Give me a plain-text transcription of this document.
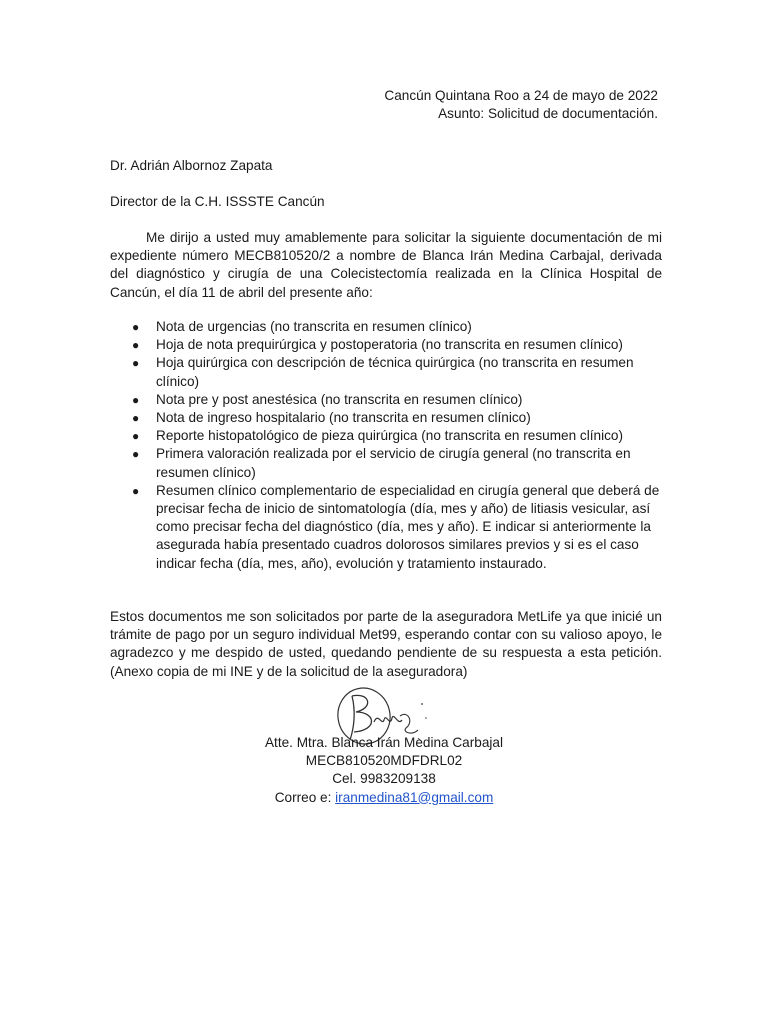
Cancún Quintana Roo a 24 de mayo de 2022
Asunto: Solicitud de documentación.
Dr. Adrián Albornoz Zapata
Director de la C.H. ISSSTE Cancún
Me dirijo a usted muy amablemente para solicitar la siguiente documentación de mi expediente número MECB810520/2 a nombre de Blanca Irán Medina Carbajal, derivada del diagnóstico y cirugía de una Colecistectomía realizada en la Clínica Hospital de Cancún, el día 11 de abril del presente año:
● Nota de urgencias (no transcrita en resumen clínico)
● Hoja de nota prequirúrgica y postoperatoria (no transcrita en resumen clínico)
● Hoja quirúrgica con descripción de técnica quirúrgica (no transcrita en resumen clínico)
● Nota pre y post anestésica (no transcrita en resumen clínico)
● Nota de ingreso hospitalario (no transcrita en resumen clínico)
● Reporte histopatológico de pieza quirúrgica (no transcrita en resumen clínico)
● Primera valoración realizada por el servicio de cirugía general (no transcrita en resumen clínico)
● Resumen clínico complementario de especialidad en cirugía general que deberá de precisar fecha de inicio de sintomatología (día, mes y año) de litiasis vesicular, así como precisar fecha del diagnóstico (día, mes y año). E indicar si anteriormente la asegurada había presentado cuadros dolorosos similares previos y si es el caso indicar fecha (día, mes, año), evolución y tratamiento instaurado.
Estos documentos me son solicitados por parte de la aseguradora MetLife ya que inicié un trámite de pago por un seguro individual Met99, esperando contar con su valioso apoyo, le agradezco y me despido de usted, quedando pendiente de su respuesta a esta petición. (Anexo copia de mi INE y de la solicitud de la aseguradora)
Atte. Mtra. Blanca Irán Medina Carbajal
MECB810520MDFDRL02
Cel. 9983209138
Correo e: iranmedina81@gmail.com
